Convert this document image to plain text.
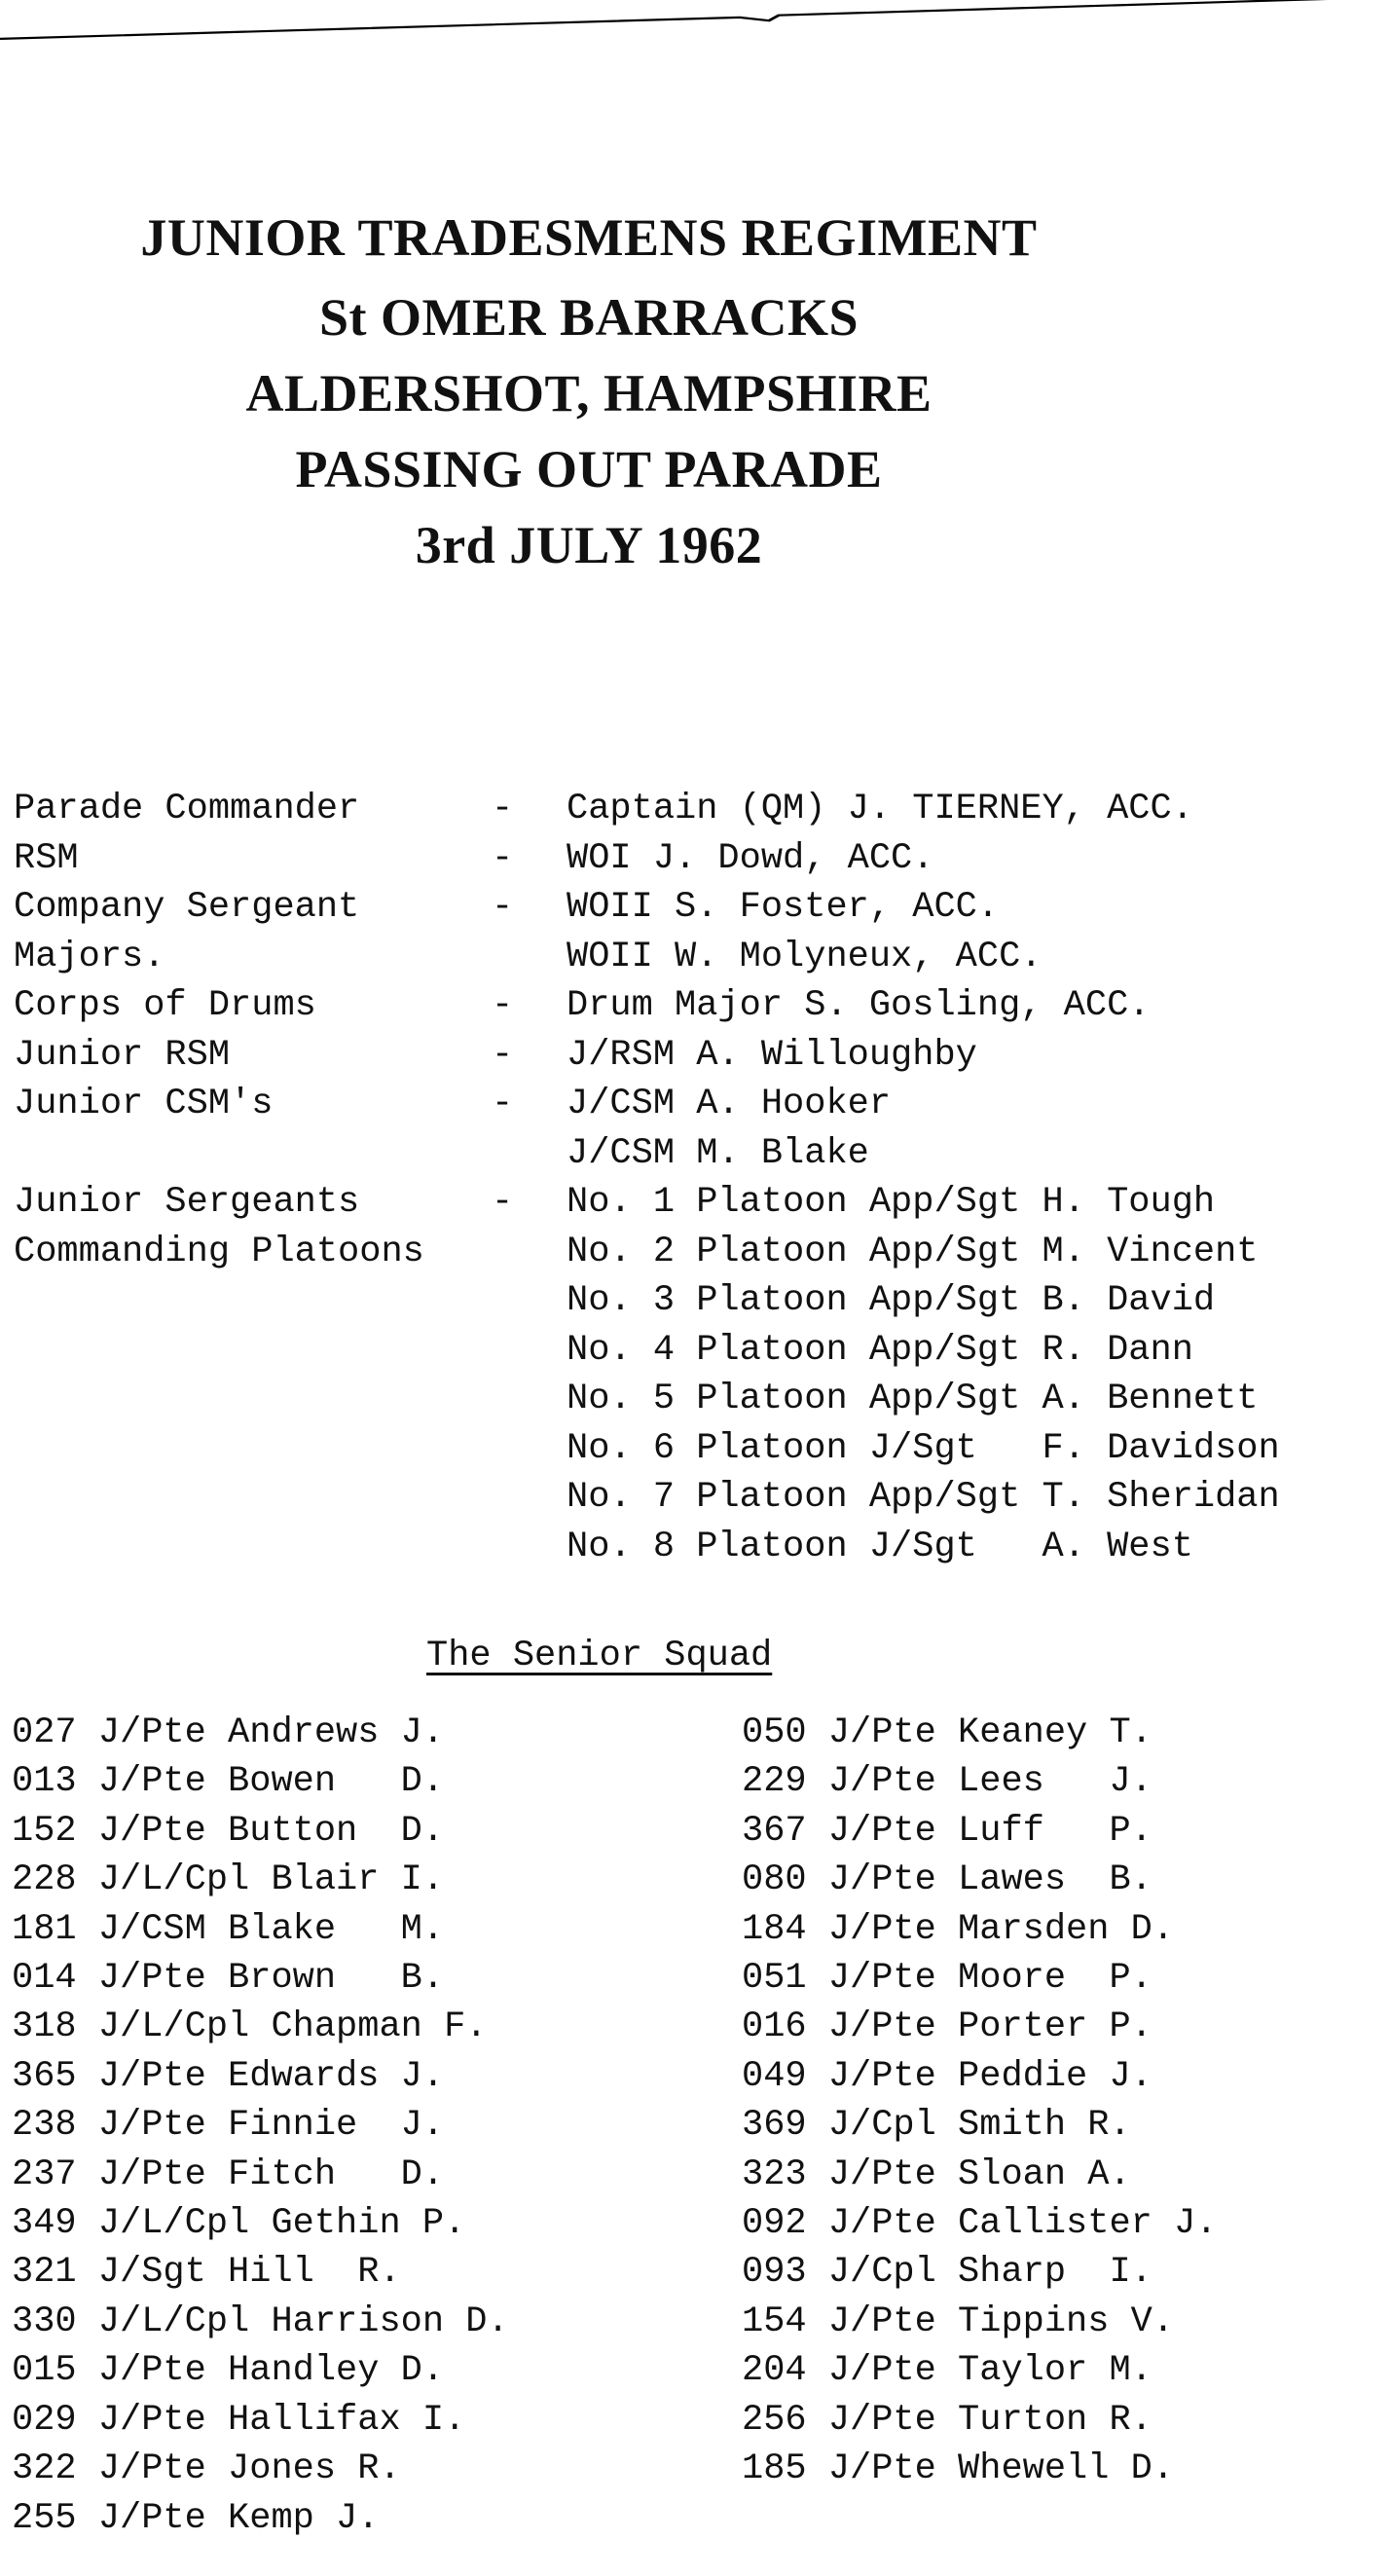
JUNIOR TRADESMENS REGIMENT
St OMER BARRACKS
ALDERSHOT, HAMPSHIRE
PASSING OUT PARADE
3rd JULY 1962
Parade Commander	- Captain (QM) J. TIERNEY, ACC.
RSM	- WOI J. Dowd, ACC.
Company Sergeant	- WOII S. Foster, ACC.
Majors.	WOII W. Molyneux, ACC.
Corps of Drums	- Drum Major S. Gosling, ACC.
Junior RSM	- J/RSM A. Willoughby
Junior CSM's	- J/CSM A. Hooker
J/CSM M. Blake
Junior Sergeants	- No. 1 Platoon App/Sgt H. Tough
Commanding Platoons	No. 2 Platoon App/Sgt M. Vincent
No. 3 Platoon App/Sgt B. David
No. 4 Platoon App/Sgt R. Dann
No. 5 Platoon App/Sgt A. Bennett
No. 6 Platoon J/Sgt   F. Davidson
No. 7 Platoon App/Sgt T. Sheridan
No. 8 Platoon J/Sgt   A. West
The Senior Squad
027 J/Pte Andrews J.
013 J/Pte Bowen   D.
152 J/Pte Button  D.
228 J/L/Cpl Blair I.
181 J/CSM Blake   M.
014 J/Pte Brown   B.
318 J/L/Cpl Chapman F.
365 J/Pte Edwards J.
238 J/Pte Finnie  J.
237 J/Pte Fitch   D.
349 J/L/Cpl Gethin P.
321 J/Sgt Hill  R.
330 J/L/Cpl Harrison D.
015 J/Pte Handley D.
029 J/Pte Hallifax I.
322 J/Pte Jones R.
255 J/Pte Kemp J.
050 J/Pte Keaney T.
229 J/Pte Lees   J.
367 J/Pte Luff   P.
080 J/Pte Lawes  B.
184 J/Pte Marsden D.
051 J/Pte Moore  P.
016 J/Pte Porter P.
049 J/Pte Peddie J.
369 J/Cpl Smith R.
323 J/Pte Sloan A.
092 J/Pte Callister J.
093 J/Cpl Sharp  I.
154 J/Pte Tippins V.
204 J/Pte Taylor M.
256 J/Pte Turton R.
185 J/Pte Whewell D.
